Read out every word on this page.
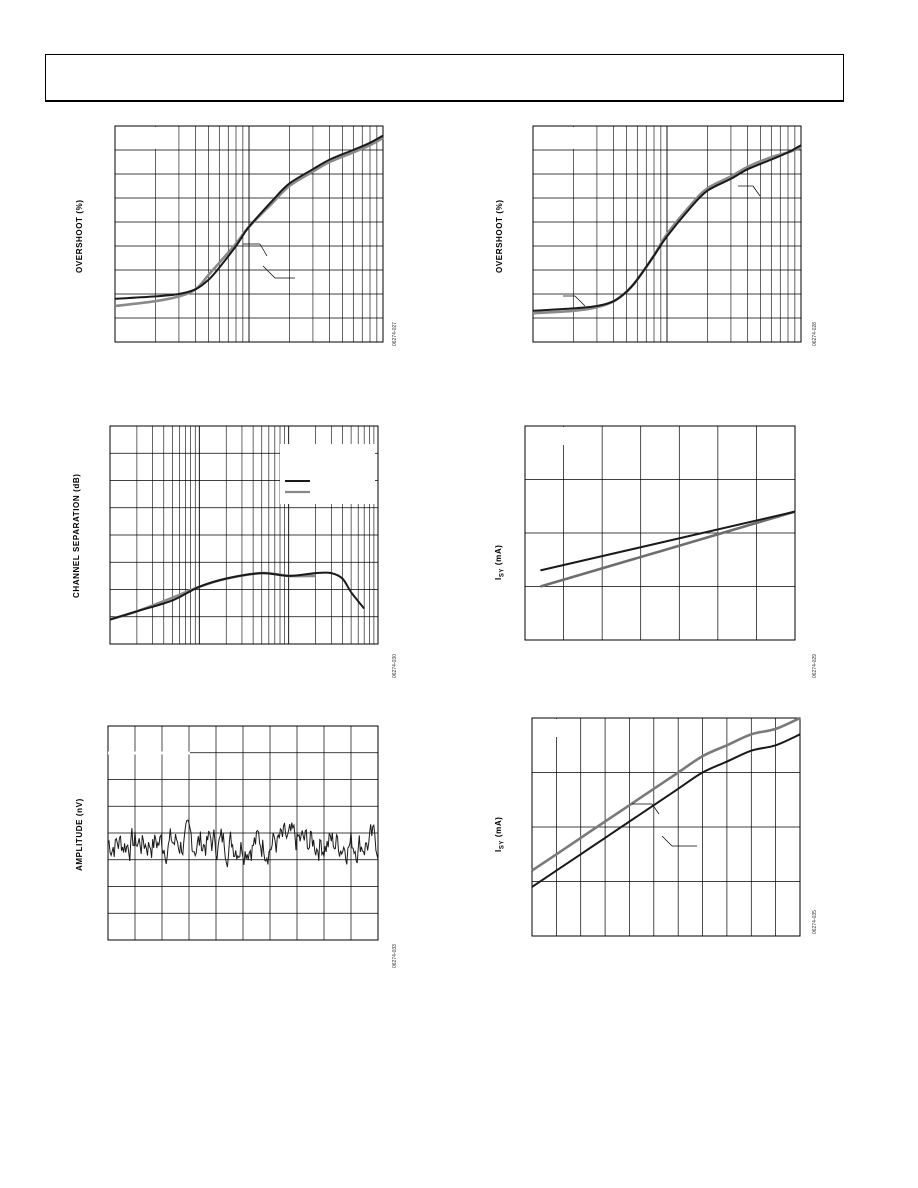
OVERSHOOT (%)
06274-027
OVERSHOOT (%)
06274-028
CHANNEL SEPARATION (dB)
06274-030
$I_{SY}$ (mA)
06274-029
AMPLITUDE (nV)
06274-033
$I_{SY}$ (mA)
06274-035
